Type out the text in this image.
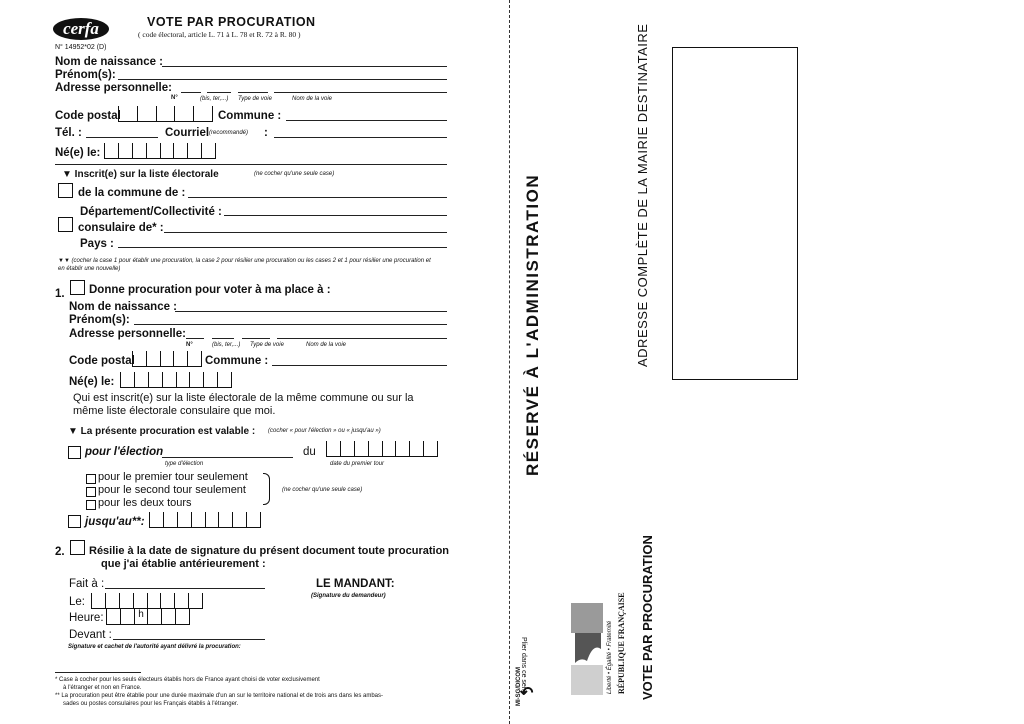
cerfa	VOTE PAR PROCURATION
( code électoral, article L. 71 à L. 78 et R. 72 à R. 80 )
N° 14952*02 (D)
Nom de naissance :
Prénom(s):
Adresse personnelle:
N°	(bis, ter,...) Type de voie	Nom de la voie
Code postal	Commune :
Tél. :	Courriel (recommandé) :
Né(e) le:
▼ Inscrit(e) sur la liste électorale	(ne cocher qu'une seule case)
de la commune de :
Département/Collectivité :
consulaire de* :
Pays :
▼▼ (cocher la case 1 pour établir une procuration, la case 2 pour résilier une procuration ou les cases 2 et 1 pour résilier une procuration et en établir une nouvelle)
1. Donne procuration pour voter à ma place à :
Nom de naissance :
Prénom(s):
Adresse personnelle:
N°	(bis, ter,...) Type de voie	Nom de la voie
Code postal	Commune :
Né(e) le:
Qui est inscrit(e) sur la liste électorale de la même commune ou sur la
même liste électorale consulaire que moi.
▼ La présente procuration est valable : (cocher « pour l'élection » ou « jusqu'au »)
pour l'élection	du
type d'élection	date du premier tour
pour le premier tour seulement
pour le second tour seulement
pour les deux tours
(ne cocher qu'une seule case)
jusqu'au**:
2. Résilie à la date de signature du présent document toute procuration
que j'ai établie antérieurement :
Fait à :
Le:
Heure:	h
Devant :
Signature et cachet de l'autorité ayant délivré la procuration:
LE MANDANT:
(Signature du demandeur)
* Case à cocher pour les seuls électeurs établis hors de France ayant choisi de voter exclusivement
à l'étranger et non en France.
** La procuration peut être établie pour une durée maximale d'un an sur le territoire national et de trois ans dans les ambas-
sades ou postes consulaires pour les Français établis à l'étranger.
RÉSERVÉ À L'ADMINISTRATION	ADRESSE COMPLÈTE DE LA MAIRIE DESTINATAIRE
VOTE PAR PROCURATION
Plier dans ce sens
MI-SG/DICOM
↶	Liberté • Égalité • Fraternité RÉPUBLIQUE FRANÇAISE
